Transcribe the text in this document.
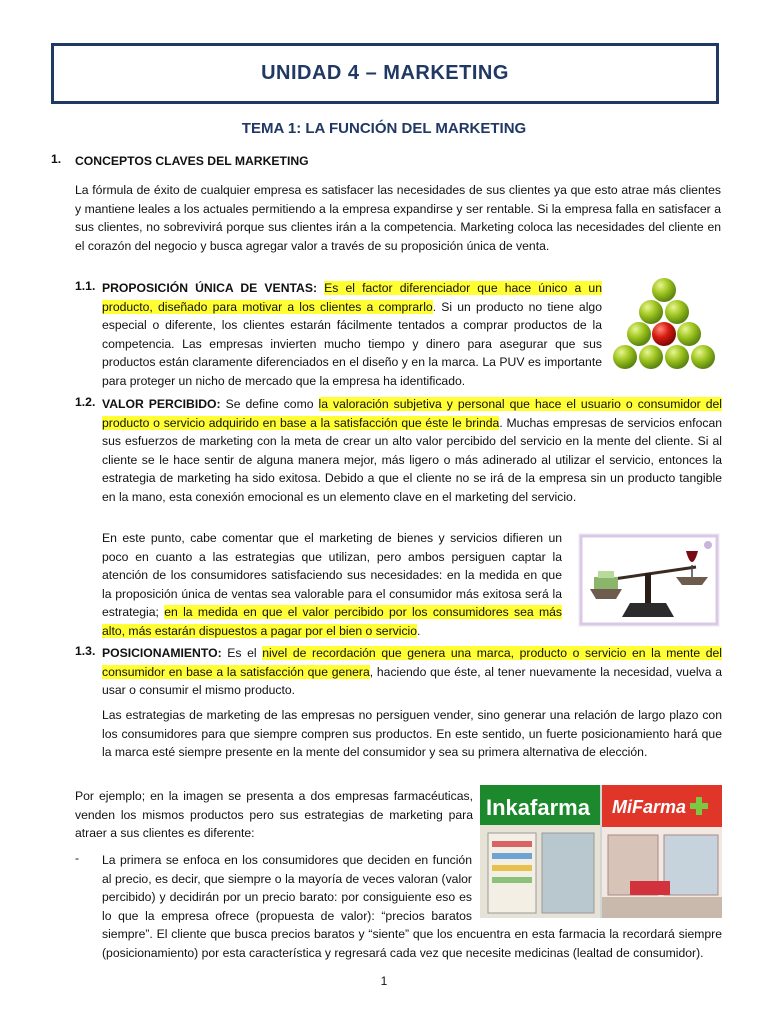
UNIDAD 4 – MARKETING
TEMA 1: LA FUNCIÓN DEL MARKETING
1. CONCEPTOS CLAVES DEL MARKETING
La fórmula de éxito de cualquier empresa es satisfacer las necesidades de sus clientes ya que esto atrae más clientes y mantiene leales a los actuales permitiendo a la empresa expandirse y ser rentable. Si la empresa falla en satisfacer a sus clientes, no sobrevivirá porque sus clientes irán a la competencia. Marketing coloca las necesidades del cliente en el corazón del negocio y busca agregar valor a través de su proposición única de venta.
1.1. PROPOSICIÓN ÚNICA DE VENTAS: Es el factor diferenciador que hace único a un producto, diseñado para motivar a los clientes a comprarlo. Si un producto no tiene algo especial o diferente, los clientes estarán fácilmente tentados a comprar productos de la competencia. Las empresas invierten mucho tiempo y dinero para asegurar que sus productos están claramente diferenciados en el diseño y en la marca. La PUV es importante para proteger un nicho de mercado que la empresa ha identificado.
1.2. VALOR PERCIBIDO: Se define como la valoración subjetiva y personal que hace el usuario o consumidor del producto o servicio adquirido en base a la satisfacción que éste le brinda. Muchas empresas de servicios enfocan sus esfuerzos de marketing con la meta de crear un alto valor percibido del servicio en la mente del cliente. Si al cliente se le hace sentir de alguna manera mejor, más ligero o más adinerado al utilizar el servicio, entonces la estrategia de marketing ha sido exitosa. Debido a que el cliente no se irá de la empresa sin un producto tangible en la mano, esta conexión emocional es un elemento clave en el marketing del servicio.
En este punto, cabe comentar que el marketing de bienes y servicios difieren un poco en cuanto a las estrategias que utilizan, pero ambos persiguen captar la atención de los consumidores satisfaciendo sus necesidades: en la medida en que la proposición única de ventas sea valorable para el consumidor más exitosa será la estrategia; en la medida en que el valor percibido por los consumidores sea más alto, más estarán dispuestos a pagar por el bien o servicio.
1.3. POSICIONAMIENTO: Es el nivel de recordación que genera una marca, producto o servicio en la mente del consumidor en base a la satisfacción que genera, haciendo que éste, al tener nuevamente la necesidad, vuelva a usar o consumir el mismo producto.
Las estrategias de marketing de las empresas no persiguen vender, sino generar una relación de largo plazo con los consumidores para que siempre compren sus productos. En este sentido, un fuerte posicionamiento hará que la marca esté siempre presente en la mente del consumidor y sea su primera alternativa de elección.
Por ejemplo; en la imagen se presenta a dos empresas farmacéuticas, venden los mismos productos pero sus estrategias de marketing para atraer a sus clientes es diferente:
Inkafarma MiFarma
- La primera se enfoca en los consumidores que deciden en función al precio, es decir, que siempre o la mayoría de veces valoran (valor percibido) y decidirán por un precio barato: por consiguiente eso es lo que la empresa ofrece (propuesta de valor): “precios baratos siempre”. El cliente que busca precios baratos y “siente” que los encuentra en esta farmacia la recordará siempre (posicionamiento) por esta característica y regresará cada vez que necesite medicinas (lealtad de consumidor).
1
